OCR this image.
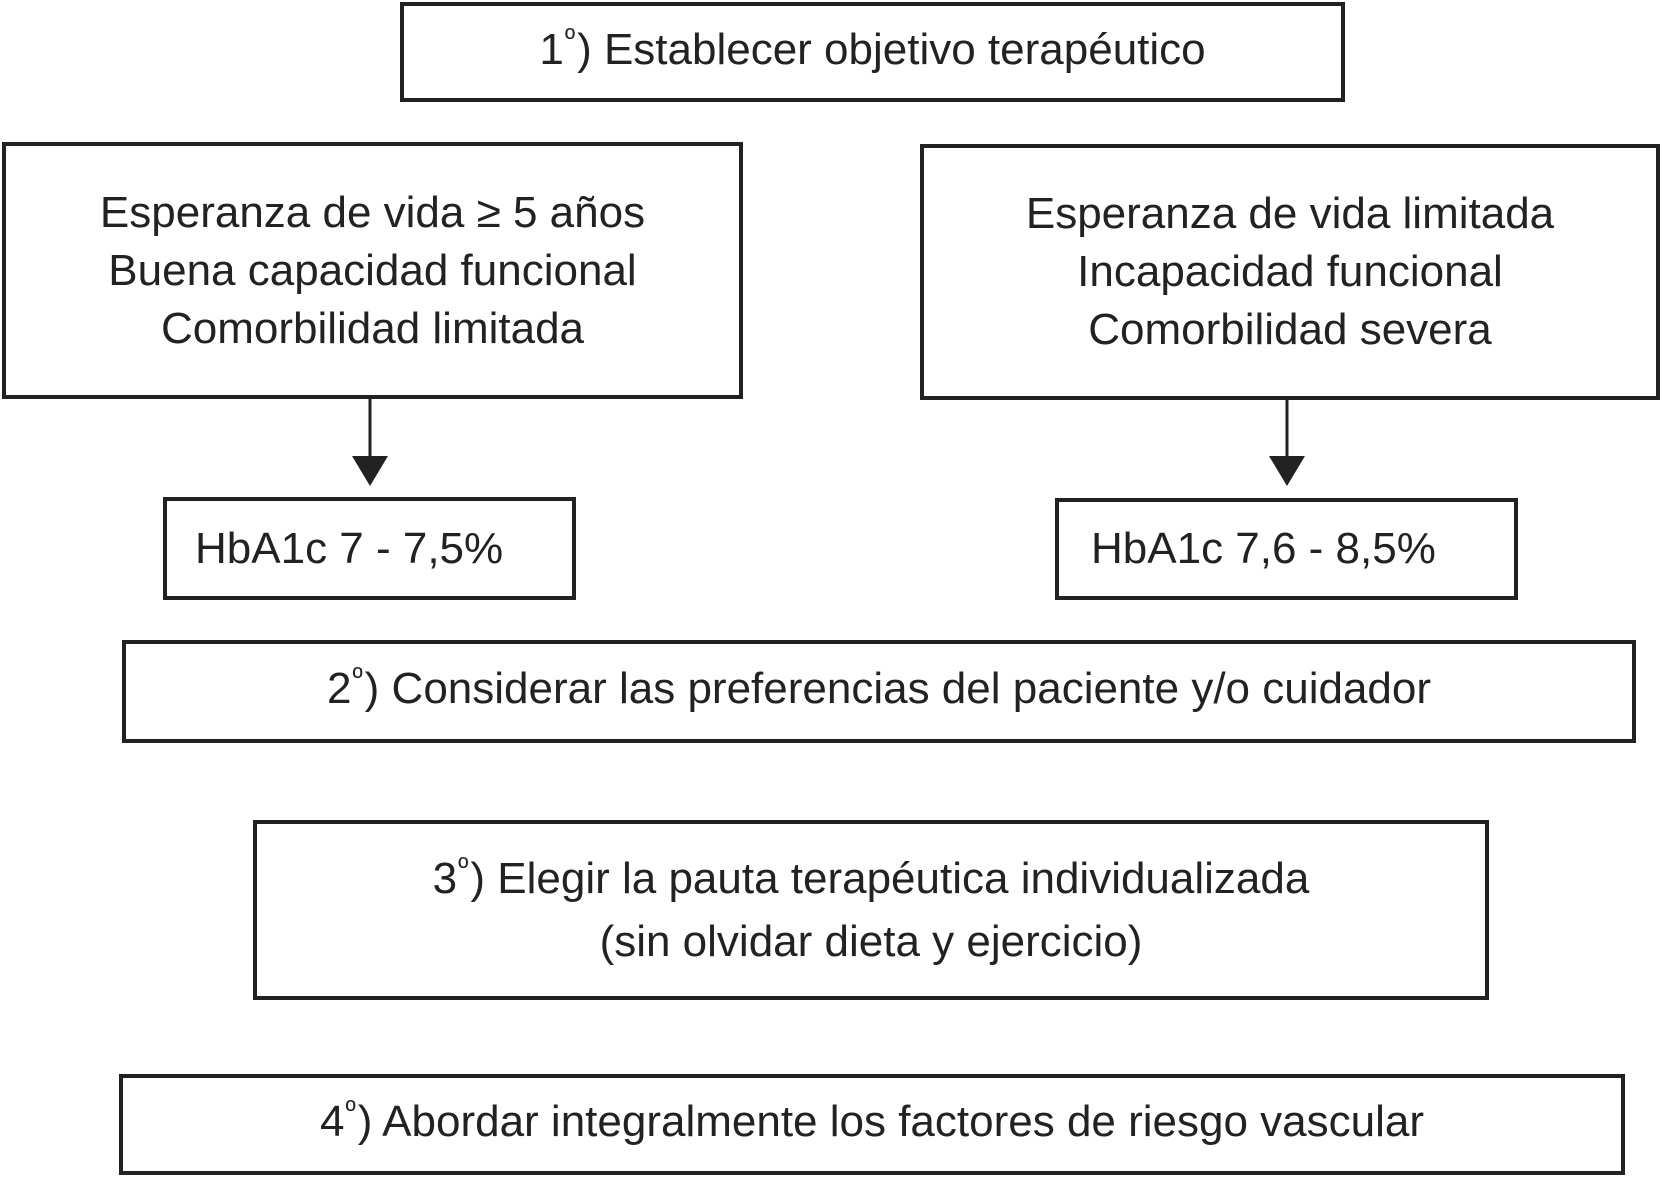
$1^º$) Establecer objetivo terapéutico
Esperanza de vida ≥ 5 años
Buena capacidad funcional
Comorbilidad limitada
Esperanza de vida limitada
Incapacidad funcional
Comorbilidad severa
HbA1c 7 - 7,5%	HbA1c 7,6 - 8,5%
$2^º$) Considerar las preferencias del paciente y/o cuidador
$3^º$) Elegir la pauta terapéutica individualizada
(sin olvidar dieta y ejercicio)
$4^º$) Abordar integralmente los factores de riesgo vascular
